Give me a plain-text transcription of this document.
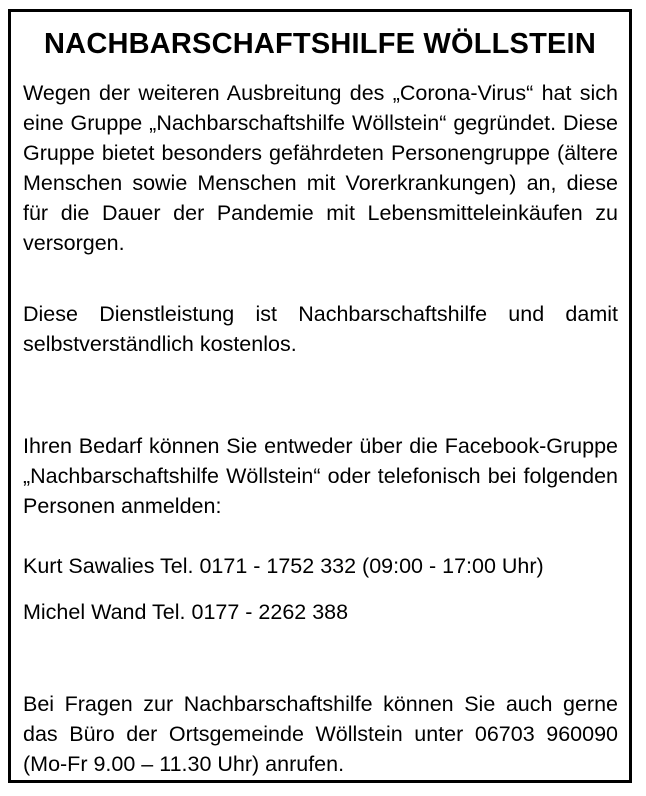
NACHBARSCHAFTSHILFE WÖLLSTEIN

Wegen der weiteren Ausbreitung des „Corona-Virus“ hat sich eine Gruppe „Nachbarschaftshilfe Wöllstein“ gegründet. Diese Gruppe bietet besonders gefährdeten Personengruppe (ältere Menschen sowie Menschen mit Vorerkrankungen) an, diese für die Dauer der Pandemie mit Lebensmitteleinkäufen zu versorgen.

Diese Dienstleistung ist Nachbarschaftshilfe und damit selbstverständlich kostenlos.

Ihren Bedarf können Sie entweder über die Facebook-Gruppe „Nachbarschaftshilfe Wöllstein“ oder telefonisch bei folgenden Personen anmelden:

Kurt Sawalies Tel. 0171 - 1752 332 (09:00 - 17:00 Uhr)

Michel Wand Tel. 0177 - 2262 388

Bei Fragen zur Nachbarschaftshilfe können Sie auch gerne das Büro der Ortsgemeinde Wöllstein unter 06703 960090 (Mo-Fr 9.00 – 11.30 Uhr) anrufen.
